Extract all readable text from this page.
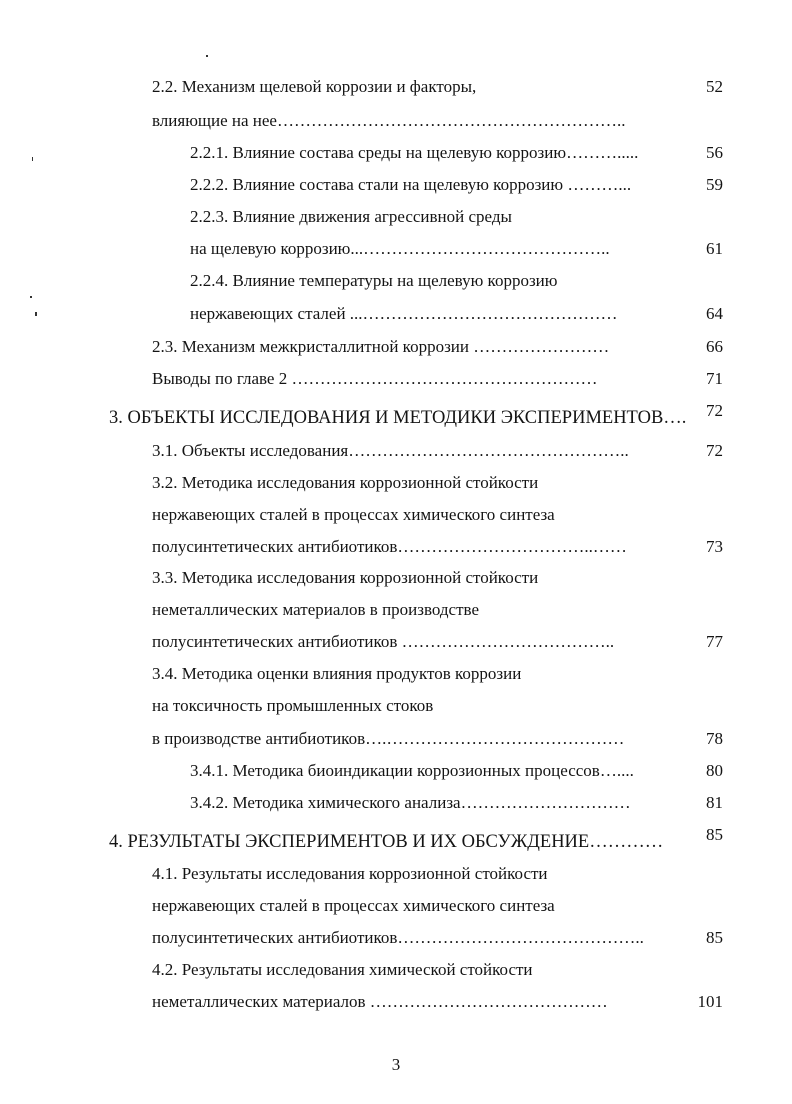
2.2. Механизм щелевой коррозии и факторы,	52
влияющие на нее……………………………………………………..
2.2.1. Влияние состава среды на щелевую коррозию……….....	56
2.2.2. Влияние состава стали на щелевую коррозию ………...	59
2.2.3. Влияние движения агрессивной среды
на щелевую коррозию...……………………………………..	61
2.2.4. Влияние температуры на щелевую коррозию
нержавеющих сталей ...………………………………………	64
2.3. Механизм межкристаллитной коррозии ……………………	66
Выводы по главе 2 ………………………………………………	71
3. ОБЪЕКТЫ ИССЛЕДОВАНИЯ И МЕТОДИКИ ЭКСПЕРИМЕНТОВ….	72
3.1. Объекты исследования…………………………………………..	72
3.2. Методика исследования коррозионной стойкости
нержавеющих сталей в процессах химического синтеза
полусинтетических антибиотиков……………………………..……	73
3.3. Методика исследования коррозионной стойкости
неметаллических материалов в производстве
полусинтетических антибиотиков ………………………………..	77
3.4. Методика оценки влияния продуктов коррозии
на токсичность промышленных стоков
в производстве антибиотиков….……………………………………	78
3.4.1. Методика биоиндикации коррозионных процессов…....	80
3.4.2. Методика химического анализа…………………………	81
4. РЕЗУЛЬТАТЫ ЭКСПЕРИМЕНТОВ И ИХ ОБСУЖДЕНИЕ…………	85
4.1. Результаты исследования коррозионной стойкости
нержавеющих сталей в процессах химического синтеза
полусинтетических антибиотиков……………………………………..	85
4.2. Результаты исследования химической стойкости
неметаллических материалов ……………………………………	101
3
